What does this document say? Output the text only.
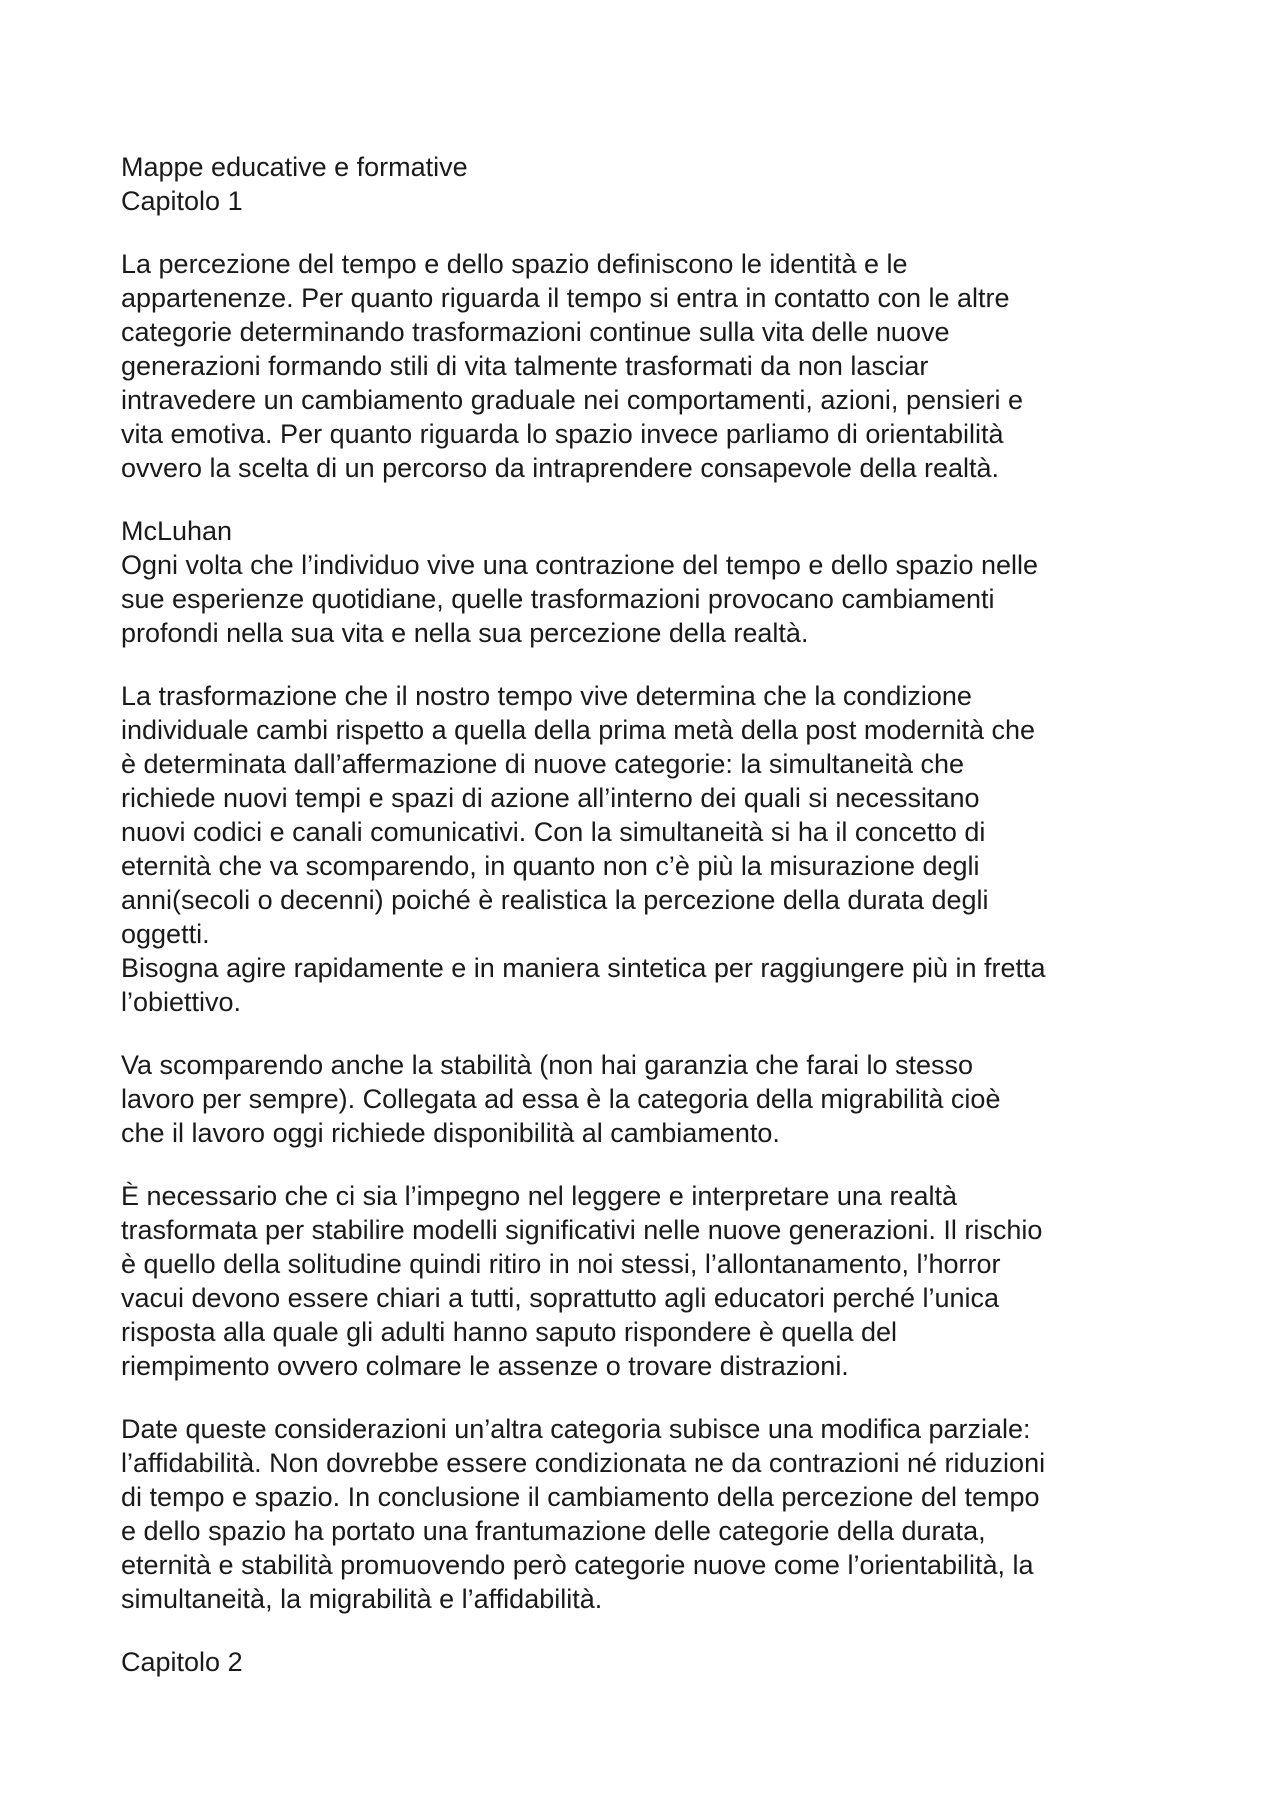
Mappe educative e formative
Capitolo 1
La percezione del tempo e dello spazio definiscono le identità e le
appartenenze. Per quanto riguarda il tempo si entra in contatto con le altre
categorie determinando trasformazioni continue sulla vita delle nuove
generazioni formando stili di vita talmente trasformati da non lasciar
intravedere un cambiamento graduale nei comportamenti, azioni, pensieri e
vita emotiva. Per quanto riguarda lo spazio invece parliamo di orientabilità
ovvero la scelta di un percorso da intraprendere consapevole della realtà.
McLuhan
Ogni volta che l’individuo vive una contrazione del tempo e dello spazio nelle
sue esperienze quotidiane, quelle trasformazioni provocano cambiamenti
profondi nella sua vita e nella sua percezione della realtà.
La trasformazione che il nostro tempo vive determina che la condizione
individuale cambi rispetto a quella della prima metà della post modernità che
è determinata dall’affermazione di nuove categorie: la simultaneità che
richiede nuovi tempi e spazi di azione all’interno dei quali si necessitano
nuovi codici e canali comunicativi. Con la simultaneità si ha il concetto di
eternità che va scomparendo, in quanto non c’è più la misurazione degli
anni(secoli o decenni) poiché è realistica la percezione della durata degli
oggetti.
Bisogna agire rapidamente e in maniera sintetica per raggiungere più in fretta
l’obiettivo.
Va scomparendo anche la stabilità (non hai garanzia che farai lo stesso
lavoro per sempre). Collegata ad essa è la categoria della migrabilità cioè
che il lavoro oggi richiede disponibilità al cambiamento.
È necessario che ci sia l’impegno nel leggere e interpretare una realtà
trasformata per stabilire modelli significativi nelle nuove generazioni. Il rischio
è quello della solitudine quindi ritiro in noi stessi, l’allontanamento, l’horror
vacui devono essere chiari a tutti, soprattutto agli educatori perché l’unica
risposta alla quale gli adulti hanno saputo rispondere è quella del
riempimento ovvero colmare le assenze o trovare distrazioni.
Date queste considerazioni un’altra categoria subisce una modifica parziale:
l’affidabilità. Non dovrebbe essere condizionata ne da contrazioni né riduzioni
di tempo e spazio. In conclusione il cambiamento della percezione del tempo
e dello spazio ha portato una frantumazione delle categorie della durata,
eternità e stabilità promuovendo però categorie nuove come l’orientabilità, la
simultaneità, la migrabilità e l’affidabilità.
Capitolo 2
